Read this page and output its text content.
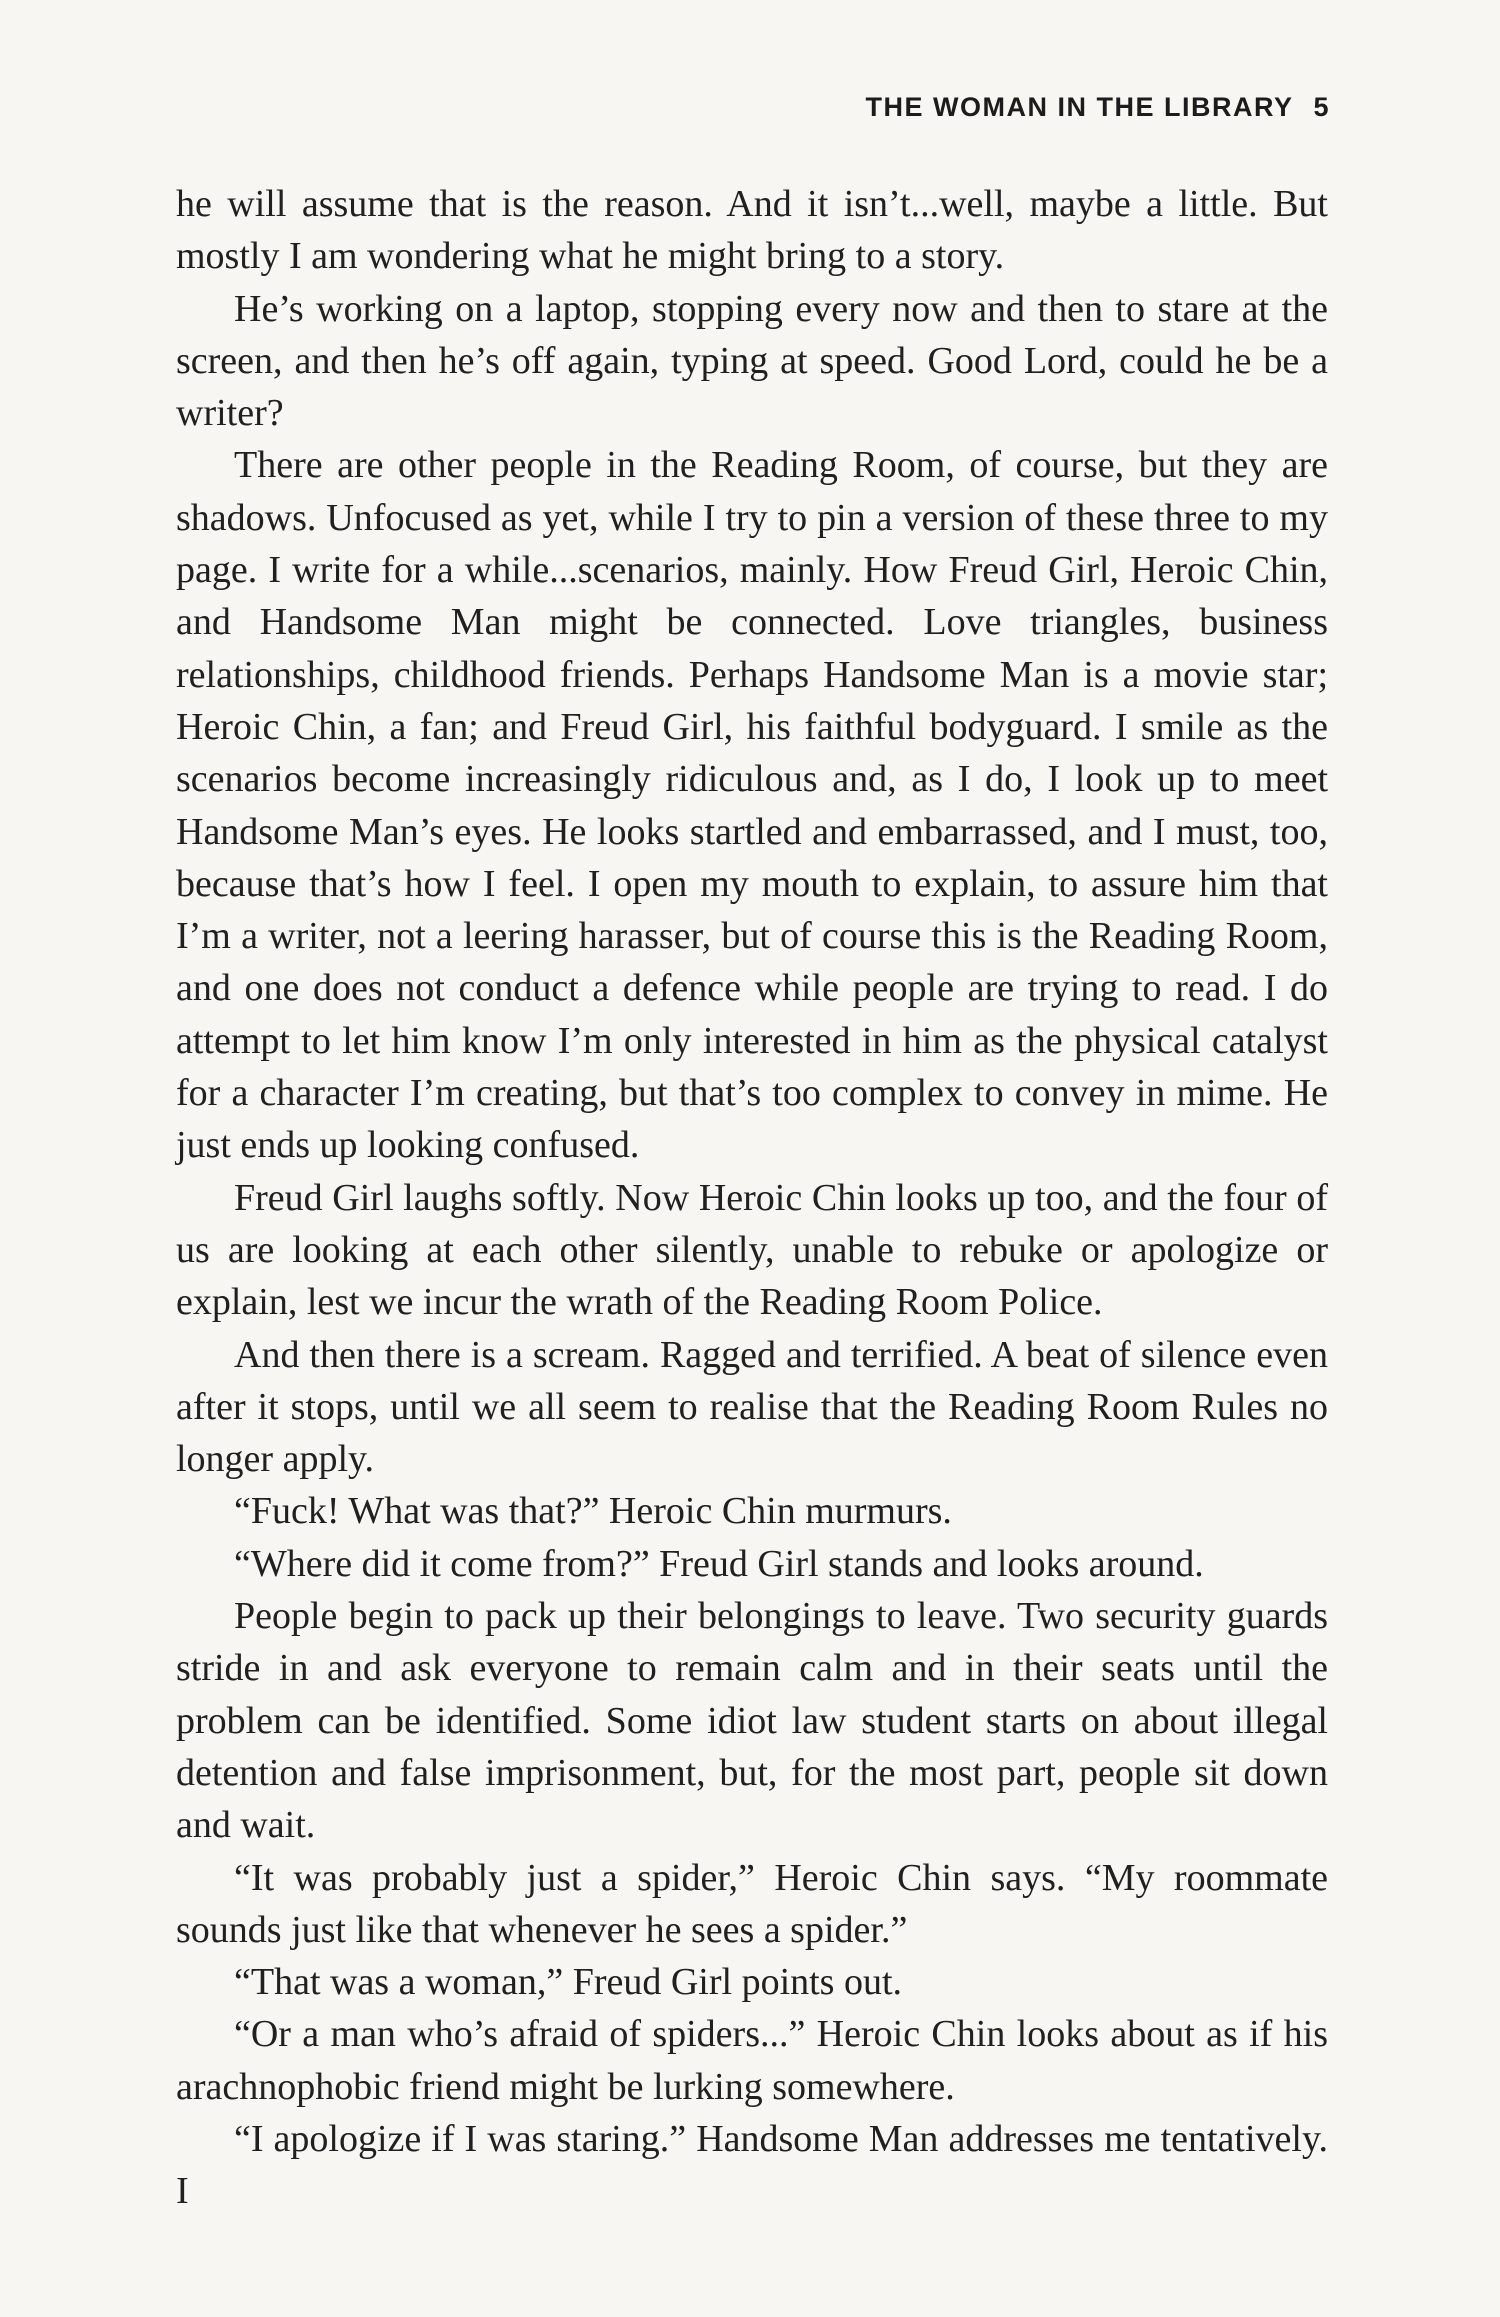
THE WOMAN IN THE LIBRARY 5

he will assume that is the reason. And it isn’t...well, maybe a little. But mostly I am wondering what he might bring to a story.

He’s working on a laptop, stopping every now and then to stare at the screen, and then he’s off again, typing at speed. Good Lord, could he be a writer?

There are other people in the Reading Room, of course, but they are shadows. Unfocused as yet, while I try to pin a version of these three to my page. I write for a while...scenarios, mainly. How Freud Girl, Heroic Chin, and Handsome Man might be connected. Love triangles, business relationships, childhood friends. Perhaps Handsome Man is a movie star; Heroic Chin, a fan; and Freud Girl, his faithful bodyguard. I smile as the scenarios become increasingly ridiculous and, as I do, I look up to meet Handsome Man’s eyes. He looks startled and embarrassed, and I must, too, because that’s how I feel. I open my mouth to explain, to assure him that I’m a writer, not a leering harasser, but of course this is the Reading Room, and one does not conduct a defence while people are trying to read. I do attempt to let him know I’m only interested in him as the physical catalyst for a character I’m creating, but that’s too complex to convey in mime. He just ends up looking confused.

Freud Girl laughs softly. Now Heroic Chin looks up too, and the four of us are looking at each other silently, unable to rebuke or apologize or explain, lest we incur the wrath of the Reading Room Police.

And then there is a scream. Ragged and terrified. A beat of silence even after it stops, until we all seem to realise that the Reading Room Rules no longer apply.

“Fuck! What was that?” Heroic Chin murmurs.

“Where did it come from?” Freud Girl stands and looks around.

People begin to pack up their belongings to leave. Two security guards stride in and ask everyone to remain calm and in their seats until the problem can be identified. Some idiot law student starts on about illegal detention and false imprisonment, but, for the most part, people sit down and wait.

“It was probably just a spider,” Heroic Chin says. “My roommate sounds just like that whenever he sees a spider.”

“That was a woman,” Freud Girl points out.

“Or a man who’s afraid of spiders...” Heroic Chin looks about as if his arachnophobic friend might be lurking somewhere.

“I apologize if I was staring.” Handsome Man addresses me tentatively. I
